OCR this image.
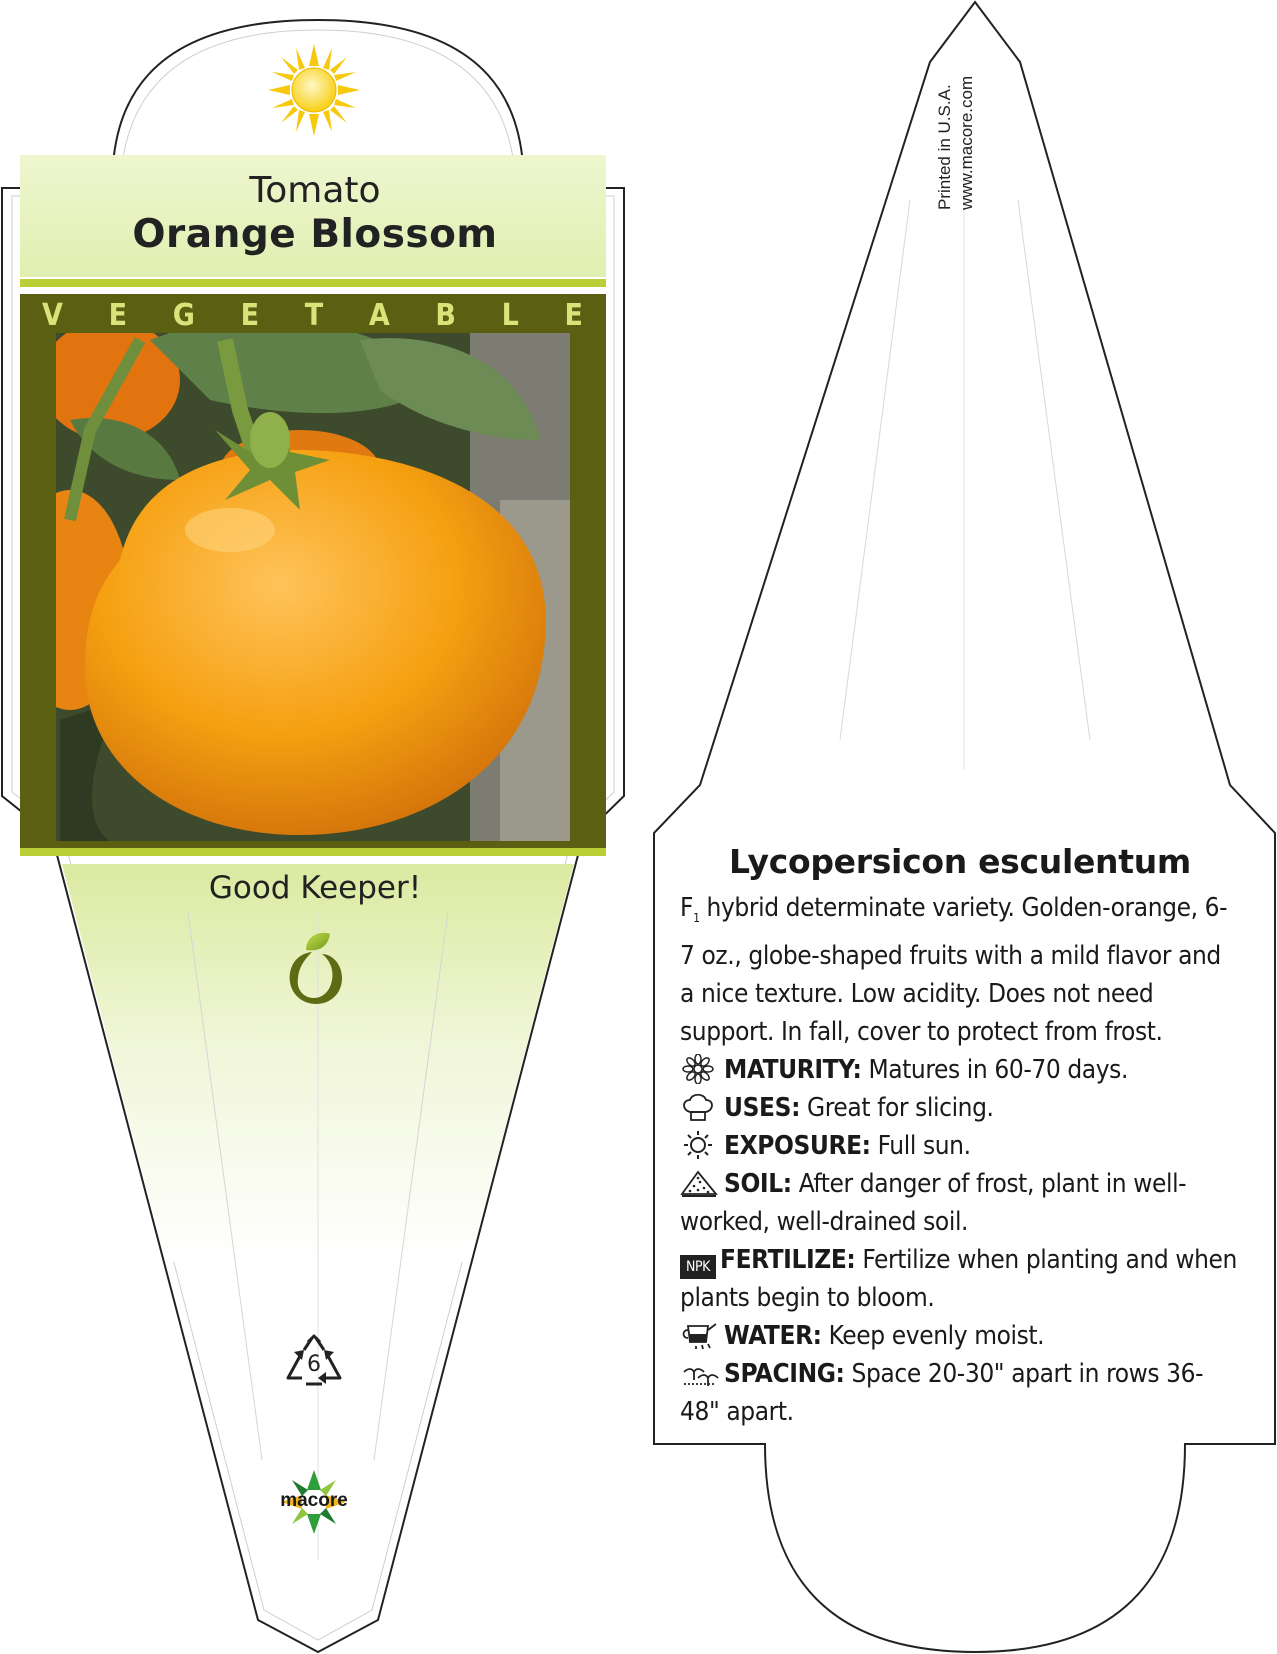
Tomato
Orange Blossom
V E G E T A B L E
Good Keeper!
6
macore
Printed in U.S.A. www.macore.com
Lycopersicon esculentum

$F_1$ hybrid determinate variety. Golden-orange, 6-7 oz., globe-shaped fruits with a mild flavor and a nice texture. Low acidity. Does not need support. In fall, cover to protect from frost.

MATURITY: Matures in 60-70 days.

USES: Great for slicing.

EXPOSURE: Full sun.

SOIL: After danger of frost, plant in well-worked, well-drained soil.

NPK FERTILIZE: Fertilize when planting and when plants begin to bloom.

WATER: Keep evenly moist.

SPACING: Space 20-30" apart in rows 36-48" apart.
